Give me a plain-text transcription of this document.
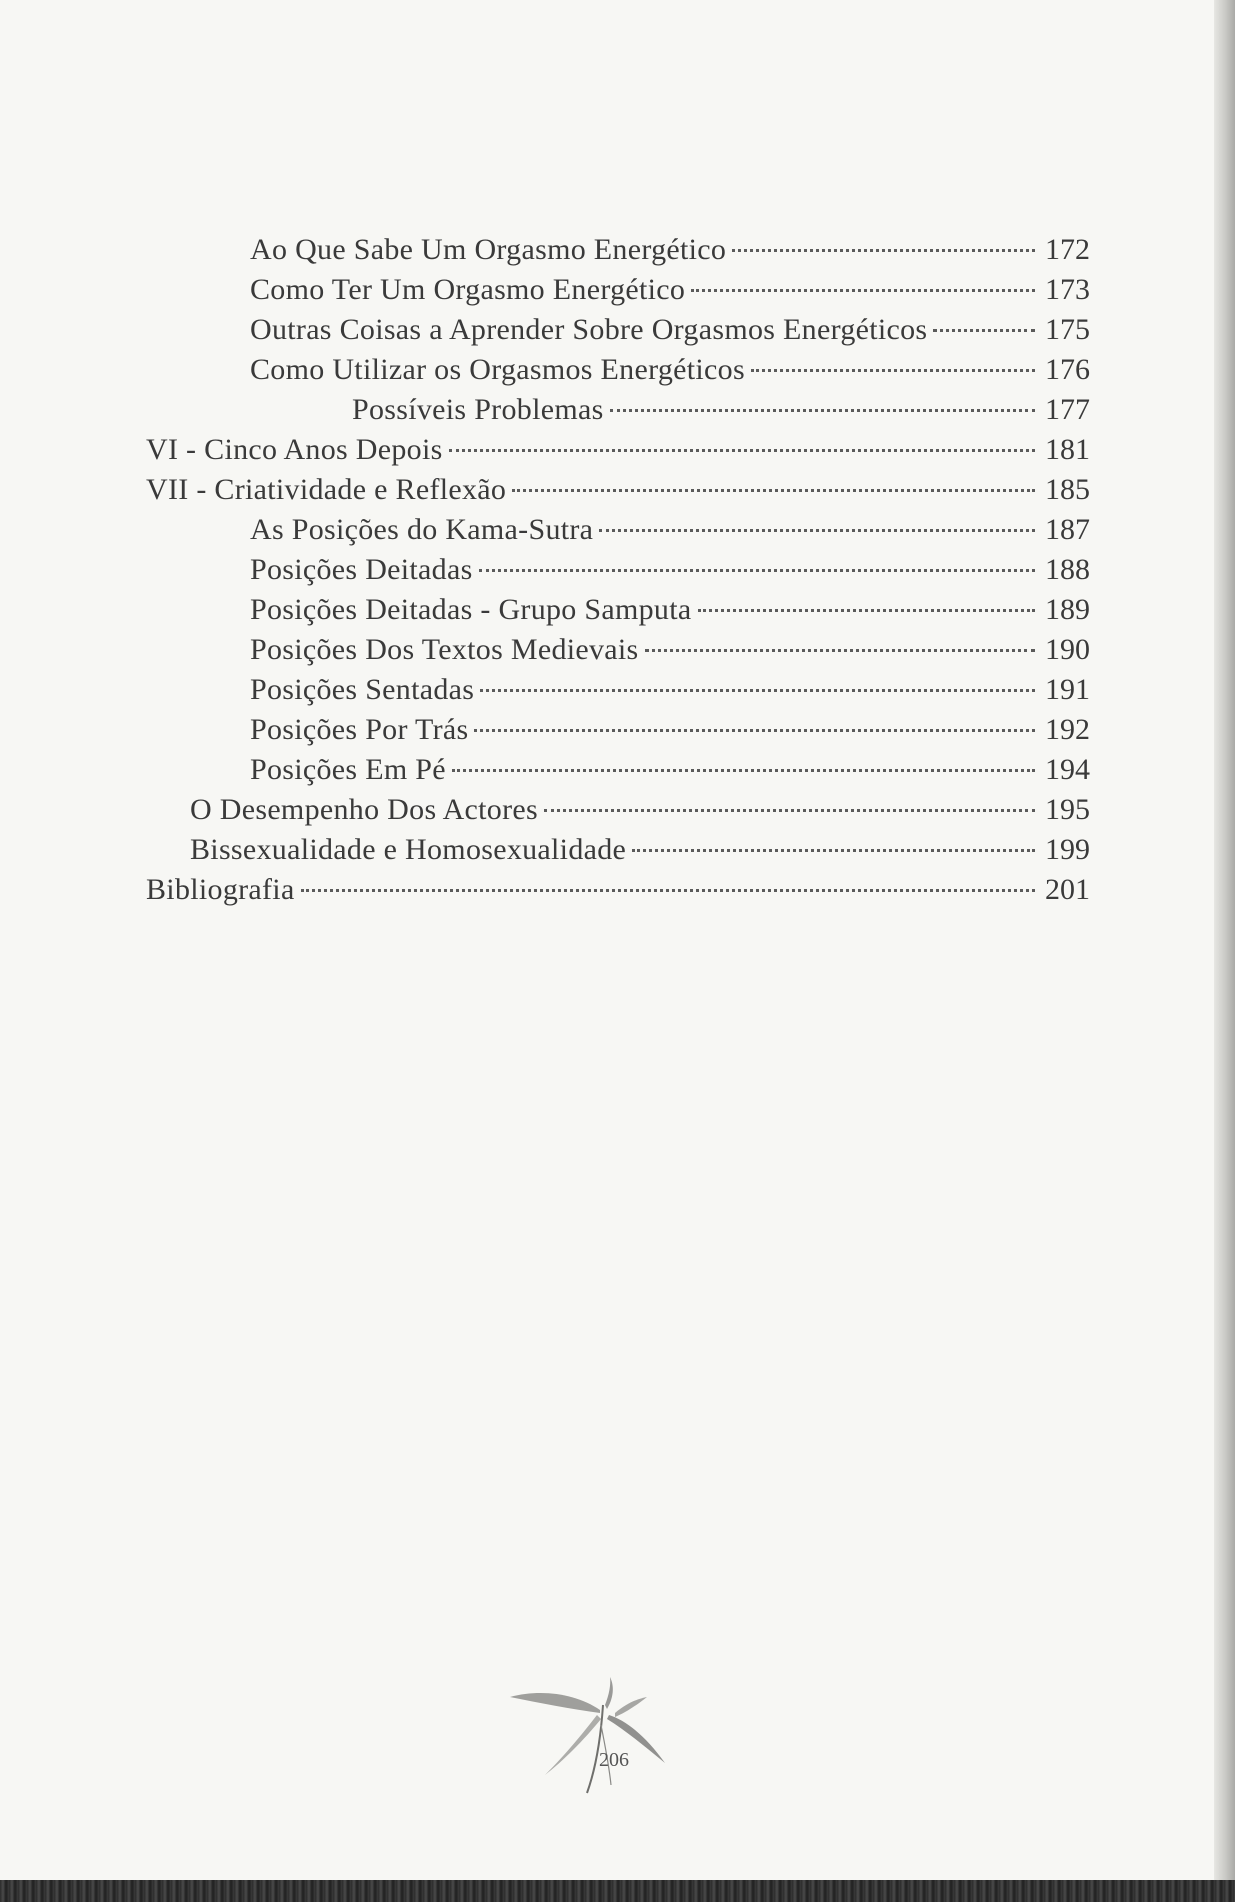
Ao Que Sabe Um Orgasmo Energético	172
Como Ter Um Orgasmo Energético	173
Outras Coisas a Aprender Sobre Orgasmos Energéticos	175
Como Utilizar os Orgasmos Energéticos	176
Possíveis Problemas	177
VI - Cinco Anos Depois	181
VII - Criatividade e Reflexão	185
As Posições do Kama-Sutra	187
Posições Deitadas	188
Posições Deitadas - Grupo Samputa	189
Posições Dos Textos Medievais	190
Posições Sentadas	191
Posições Por Trás	192
Posições Em Pé	194
O Desempenho Dos Actores	195
Bissexualidade e Homosexualidade	199
Bibliografia	201
206
